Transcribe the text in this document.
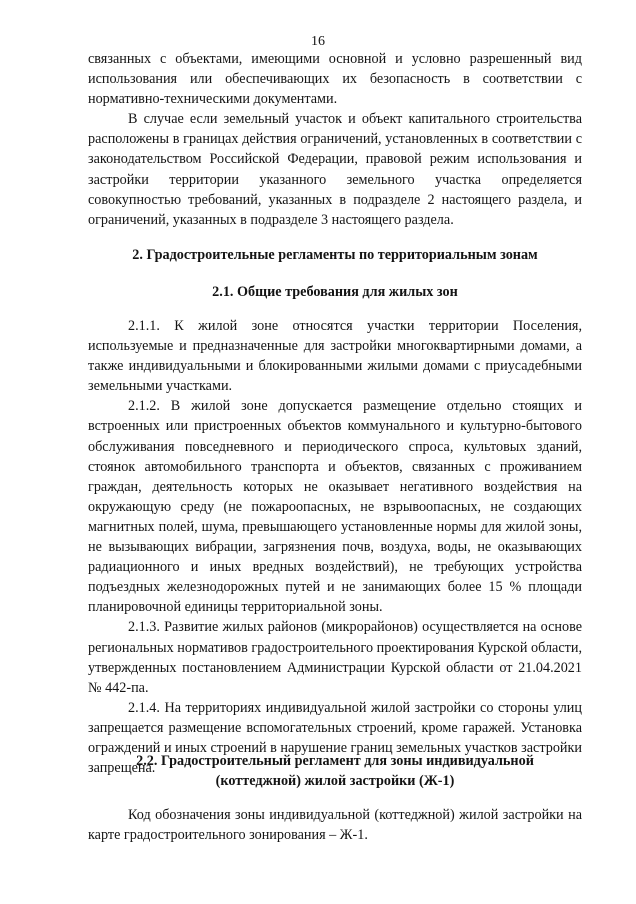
16

связанных с объектами, имеющими основной и условно разрешенный вид использования или обеспечивающих их безопасность в соответствии с нормативно-техническими документами.

В случае если земельный участок и объект капитального строительства расположены в границах действия ограничений, установленных в соответствии с законодательством Российской Федерации, правовой режим использования и застройки территории указанного земельного участка определяется совокупностью требований, указанных в подразделе 2 настоящего раздела, и ограничений, указанных в подразделе 3 настоящего раздела.

2. Градостроительные регламенты по территориальным зонам
2.1. Общие требования для жилых зон

2.1.1. К жилой зоне относятся участки территории Поселения, используемые и предназначенные для застройки многоквартирными домами, а также индивидуальными и блокированными жилыми домами с приусадебными земельными участками.

2.1.2. В жилой зоне допускается размещение отдельно стоящих и встроенных или пристроенных объектов коммунального и культурно-бытового обслуживания повседневного и периодического спроса, культовых зданий, стоянок автомобильного транспорта и объектов, связанных с проживанием граждан, деятельность которых не оказывает негативного воздействия на окружающую среду (не пожароопасных, не взрывоопасных, не создающих магнитных полей, шума, превышающего установленные нормы для жилой зоны, не вызывающих вибрации, загрязнения почв, воздуха, воды, не оказывающих радиационного и иных вредных воздействий), не требующих устройства подъездных железнодорожных путей и не занимающих более 15 % площади планировочной единицы территориальной зоны.

2.1.3. Развитие жилых районов (микрорайонов) осуществляется на основе региональных нормативов градостроительного проектирования Курской области, утвержденных постановлением Администрации Курской области от 21.04.2021 № 442-па.

2.1.4. На территориях индивидуальной жилой застройки со стороны улиц запрещается размещение вспомогательных строений, кроме гаражей. Установка ограждений и иных строений в нарушение границ земельных участков застройки запрещена.

2.2. Градостроительный регламент для зоны индивидуальной
(коттеджной) жилой застройки (Ж-1)

Код обозначения зоны индивидуальной (коттеджной) жилой застройки на карте градостроительного зонирования – Ж-1.
